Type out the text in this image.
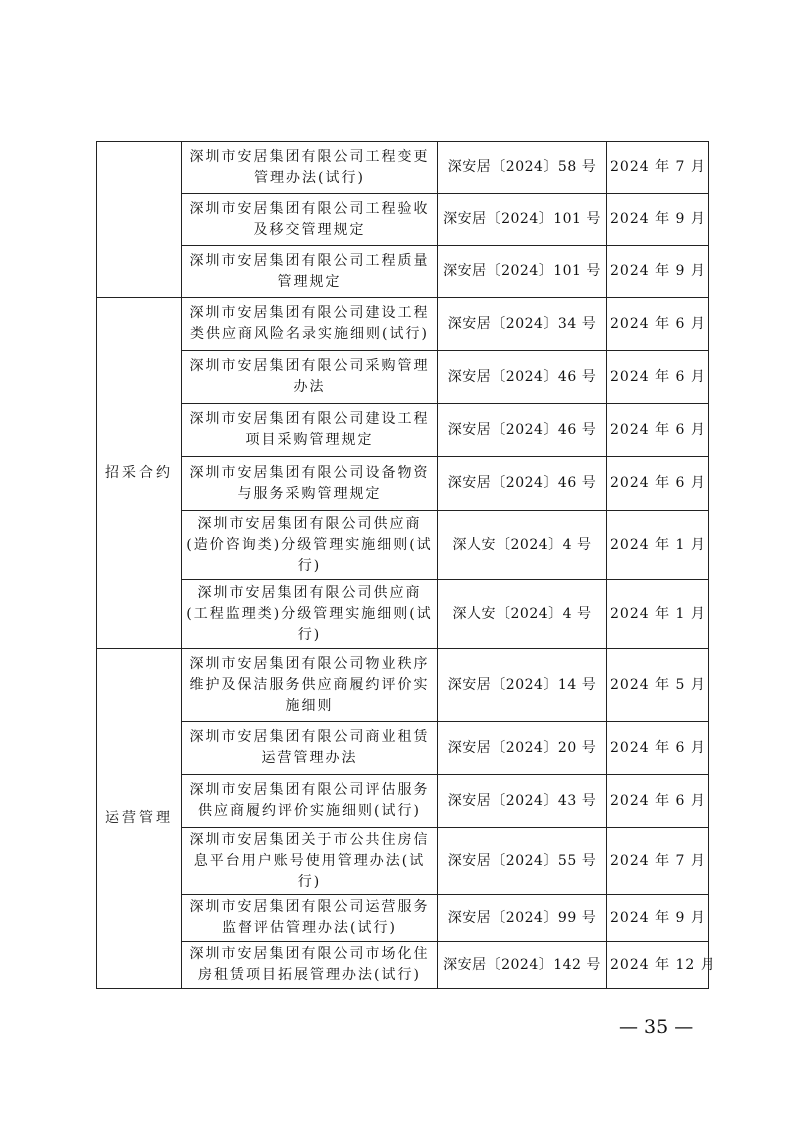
	深圳市安居集团有限公司工程变更管理办法(试行)	深安居〔2024〕58 号	2024 年 7 月
	深圳市安居集团有限公司工程验收及移交管理规定	深安居〔2024〕101 号	2024 年 9 月
	深圳市安居集团有限公司工程质量管理规定	深安居〔2024〕101 号	2024 年 9 月
招采合约	深圳市安居集团有限公司建设工程类供应商风险名录实施细则(试行)	深安居〔2024〕34 号	2024 年 6 月
	深圳市安居集团有限公司采购管理办法	深安居〔2024〕46 号	2024 年 6 月
	深圳市安居集团有限公司建设工程项目采购管理规定	深安居〔2024〕46 号	2024 年 6 月
	深圳市安居集团有限公司设备物资与服务采购管理规定	深安居〔2024〕46 号	2024 年 6 月
	深圳市安居集团有限公司供应商(造价咨询类)分级管理实施细则(试行)	深人安〔2024〕4 号	2024 年 1 月
	深圳市安居集团有限公司供应商(工程监理类)分级管理实施细则(试行)	深人安〔2024〕4 号	2024 年 1 月
运营管理	深圳市安居集团有限公司物业秩序维护及保洁服务供应商履约评价实施细则	深安居〔2024〕14 号	2024 年 5 月
	深圳市安居集团有限公司商业租赁运营管理办法	深安居〔2024〕20 号	2024 年 6 月
	深圳市安居集团有限公司评估服务供应商履约评价实施细则(试行)	深安居〔2024〕43 号	2024 年 6 月
	深圳市安居集团关于市公共住房信息平台用户账号使用管理办法(试行)	深安居〔2024〕55 号	2024 年 7 月
	深圳市安居集团有限公司运营服务监督评估管理办法(试行)	深安居〔2024〕99 号	2024 年 9 月
	深圳市安居集团有限公司市场化住房租赁项目拓展管理办法(试行)	深安居〔2024〕142 号	2024 年 12 月
— 35 —
